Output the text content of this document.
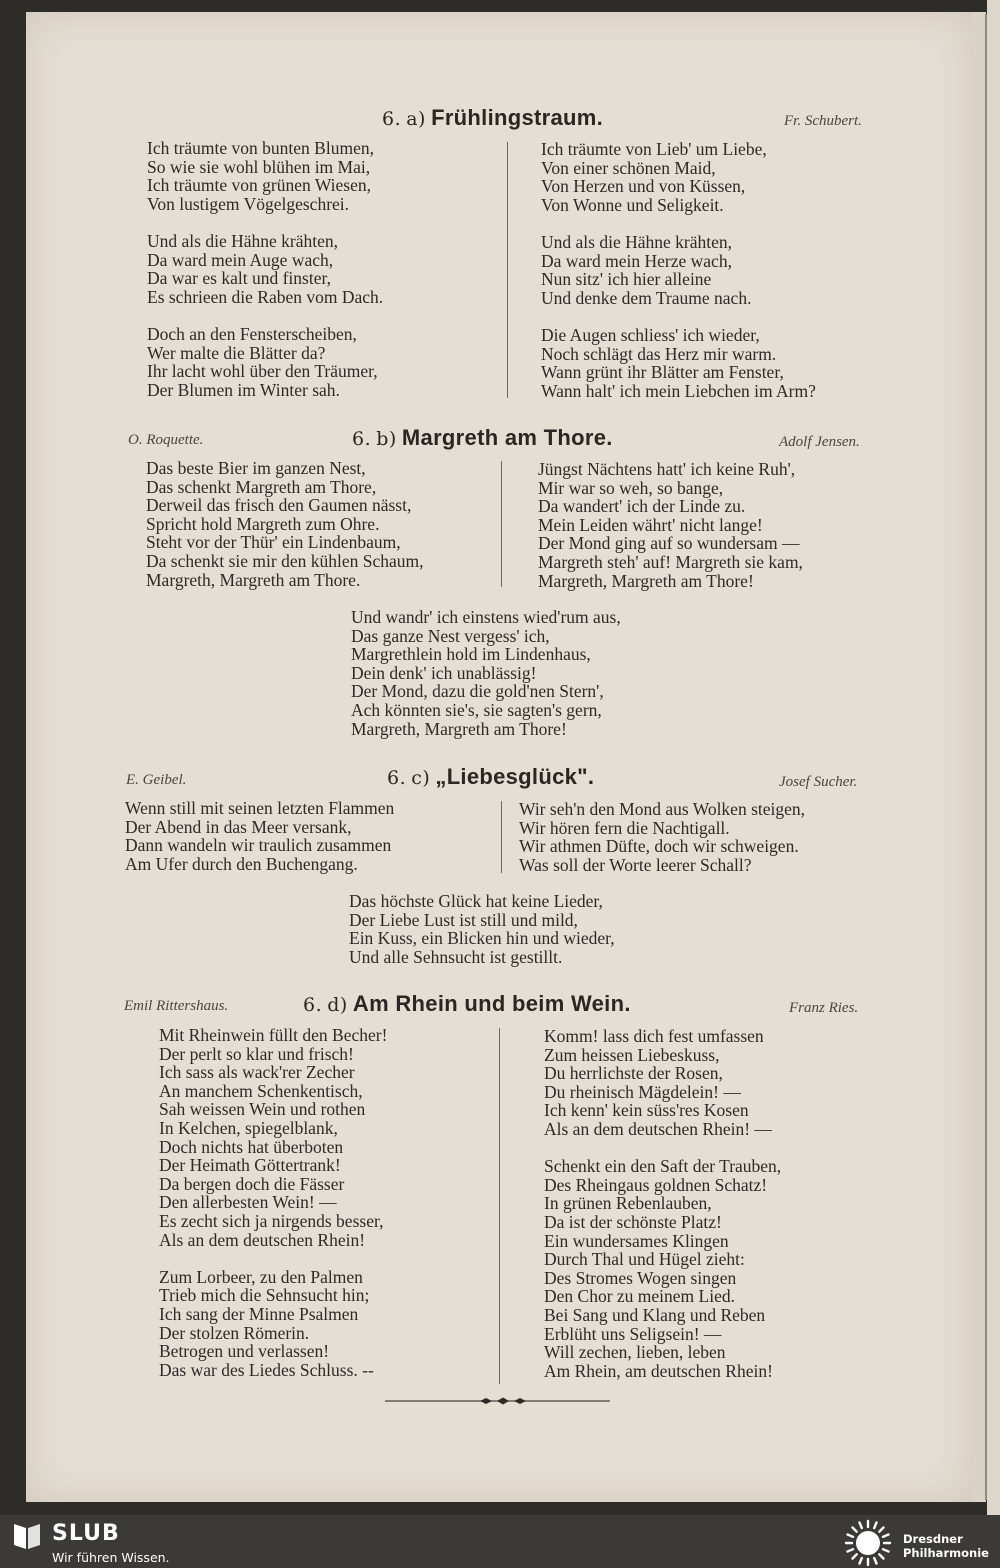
6. a) Frühlingstraum.	Fr. Schubert.
Ich träumte von bunten Blumen,
So wie sie wohl blühen im Mai,
Ich träumte von grünen Wiesen,
Von lustigem Vögelgeschrei.
Und als die Hähne krähten,
Da ward mein Auge wach,
Da war es kalt und finster,
Es schrieen die Raben vom Dach.
Doch an den Fensterscheiben,
Wer malte die Blätter da?
Ihr lacht wohl über den Träumer,
Der Blumen im Winter sah.
Ich träumte von Lieb' um Liebe,
Von einer schönen Maid,
Von Herzen und von Küssen,
Von Wonne und Seligkeit.
Und als die Hähne krähten,
Da ward mein Herze wach,
Nun sitz' ich hier alleine
Und denke dem Traume nach.
Die Augen schliess' ich wieder,
Noch schlägt das Herz mir warm.
Wann grünt ihr Blätter am Fenster,
Wann halt' ich mein Liebchen im Arm?
O. Roquette.	6. b) Margreth am Thore.	Adolf Jensen.
Das beste Bier im ganzen Nest,
Das schenkt Margreth am Thore,
Derweil das frisch den Gaumen nässt,
Spricht hold Margreth zum Ohre.
Steht vor der Thür' ein Lindenbaum,
Da schenkt sie mir den kühlen Schaum,
Margreth, Margreth am Thore.
Jüngst Nächtens hatt' ich keine Ruh',
Mir war so weh, so bange,
Da wandert' ich der Linde zu.
Mein Leiden währt' nicht lange!
Der Mond ging auf so wundersam —
Margreth steh' auf! Margreth sie kam,
Margreth, Margreth am Thore!
Und wandr' ich einstens wied'rum aus,
Das ganze Nest vergess' ich,
Margrethlein hold im Lindenhaus,
Dein denk' ich unablässig!
Der Mond, dazu die gold'nen Stern',
Ach könnten sie's, sie sagten's gern,
Margreth, Margreth am Thore!
E. Geibel.	6. c) „Liebesglück".	Josef Sucher.
Wenn still mit seinen letzten Flammen
Der Abend in das Meer versank,
Dann wandeln wir traulich zusammen
Am Ufer durch den Buchengang.
Wir seh'n den Mond aus Wolken steigen,
Wir hören fern die Nachtigall.
Wir athmen Düfte, doch wir schweigen.
Was soll der Worte leerer Schall?
Das höchste Glück hat keine Lieder,
Der Liebe Lust ist still und mild,
Ein Kuss, ein Blicken hin und wieder,
Und alle Sehnsucht ist gestillt.
Emil Rittershaus.	6. d) Am Rhein und beim Wein.	Franz Ries.
Mit Rheinwein füllt den Becher!
Der perlt so klar und frisch!
Ich sass als wack'rer Zecher
An manchem Schenkentisch,
Sah weissen Wein und rothen
In Kelchen, spiegelblank,
Doch nichts hat überboten
Der Heimath Göttertrank!
Da bergen doch die Fässer
Den allerbesten Wein! —
Es zecht sich ja nirgends besser,
Als an dem deutschen Rhein!
Zum Lorbeer, zu den Palmen
Trieb mich die Sehnsucht hin;
Ich sang der Minne Psalmen
Der stolzen Römerin.
Betrogen und verlassen!
Das war des Liedes Schluss. --
Komm! lass dich fest umfassen
Zum heissen Liebeskuss,
Du herrlichste der Rosen,
Du rheinisch Mägdelein! —
Ich kenn' kein süss'res Kosen
Als an dem deutschen Rhein! —
Schenkt ein den Saft der Trauben,
Des Rheingaus goldnen Schatz!
In grünen Rebenlauben,
Da ist der schönste Platz!
Ein wundersames Klingen
Durch Thal und Hügel zieht:
Des Stromes Wogen singen
Den Chor zu meinem Lied.
Bei Sang und Klang und Reben
Erblüht uns Seligsein! —
Will zechen, lieben, leben
Am Rhein, am deutschen Rhein!
SLUB
Wir führen Wissen.
Dresdner
Philharmonie
